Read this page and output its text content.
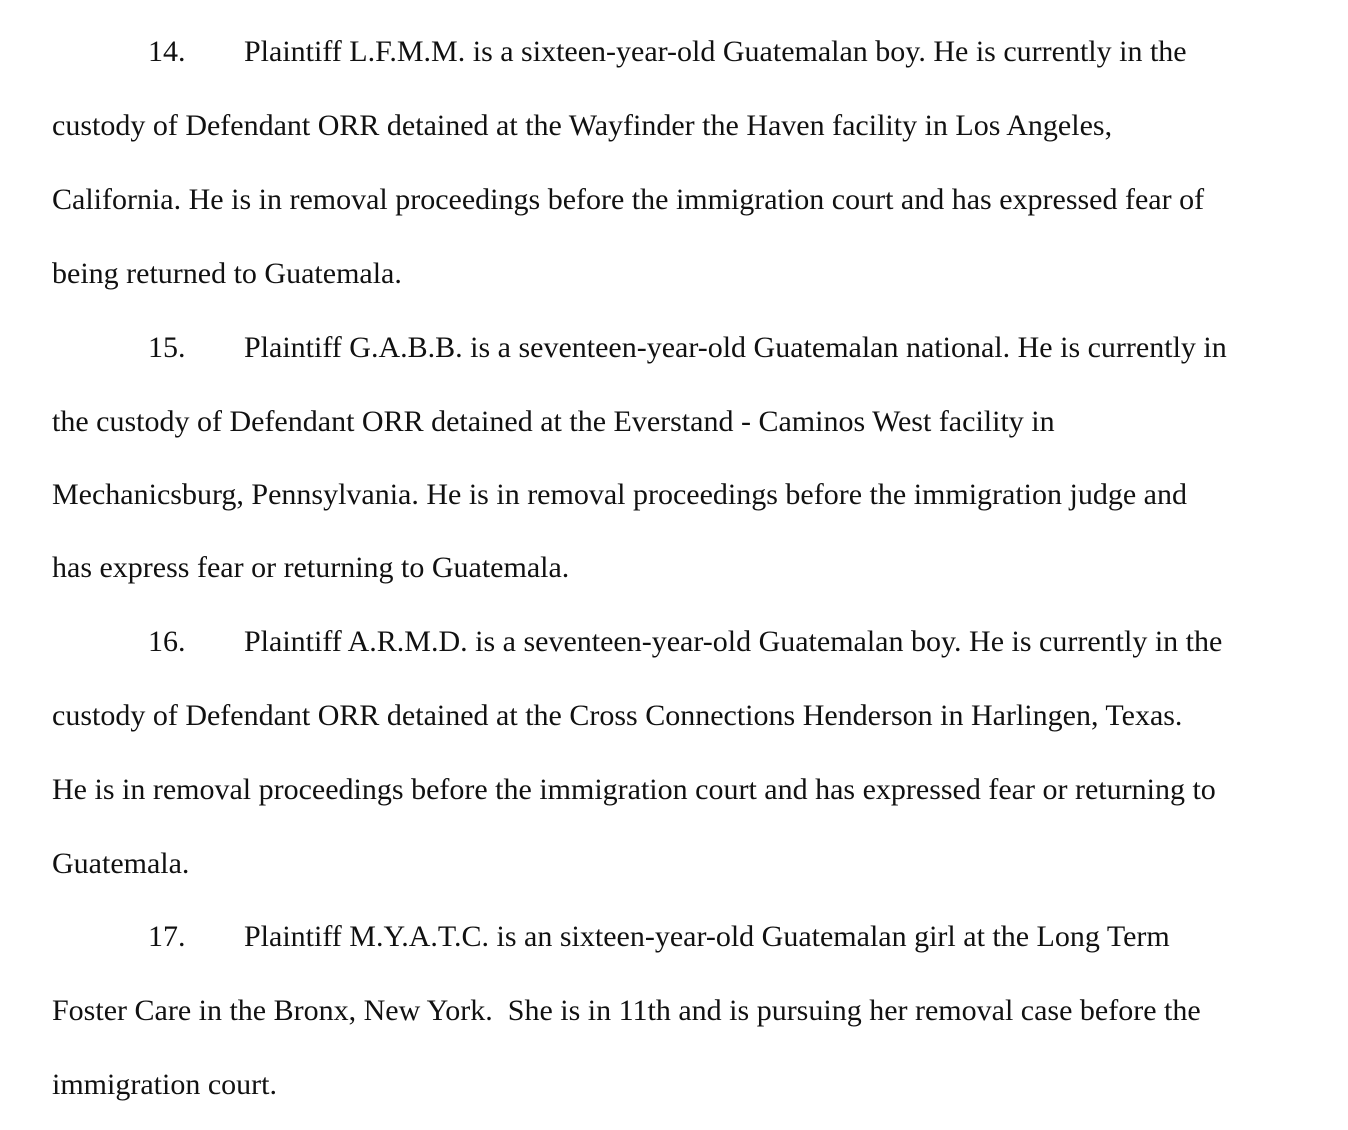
14. Plaintiff L.F.M.M. is a sixteen-year-old Guatemalan boy. He is currently in the
custody of Defendant ORR detained at the Wayfinder the Haven facility in Los Angeles,
California. He is in removal proceedings before the immigration court and has expressed fear of
being returned to Guatemala.
15. Plaintiff G.A.B.B. is a seventeen-year-old Guatemalan national. He is currently in
the custody of Defendant ORR detained at the Everstand - Caminos West facility in
Mechanicsburg, Pennsylvania. He is in removal proceedings before the immigration judge and
has express fear or returning to Guatemala.
16. Plaintiff A.R.M.D. is a seventeen-year-old Guatemalan boy. He is currently in the
custody of Defendant ORR detained at the Cross Connections Henderson in Harlingen, Texas.
He is in removal proceedings before the immigration court and has expressed fear or returning to
Guatemala.
17. Plaintiff M.Y.A.T.C. is an sixteen-year-old Guatemalan girl at the Long Term
Foster Care in the Bronx, New York.  She is in 11th and is pursuing her removal case before the
immigration court.
